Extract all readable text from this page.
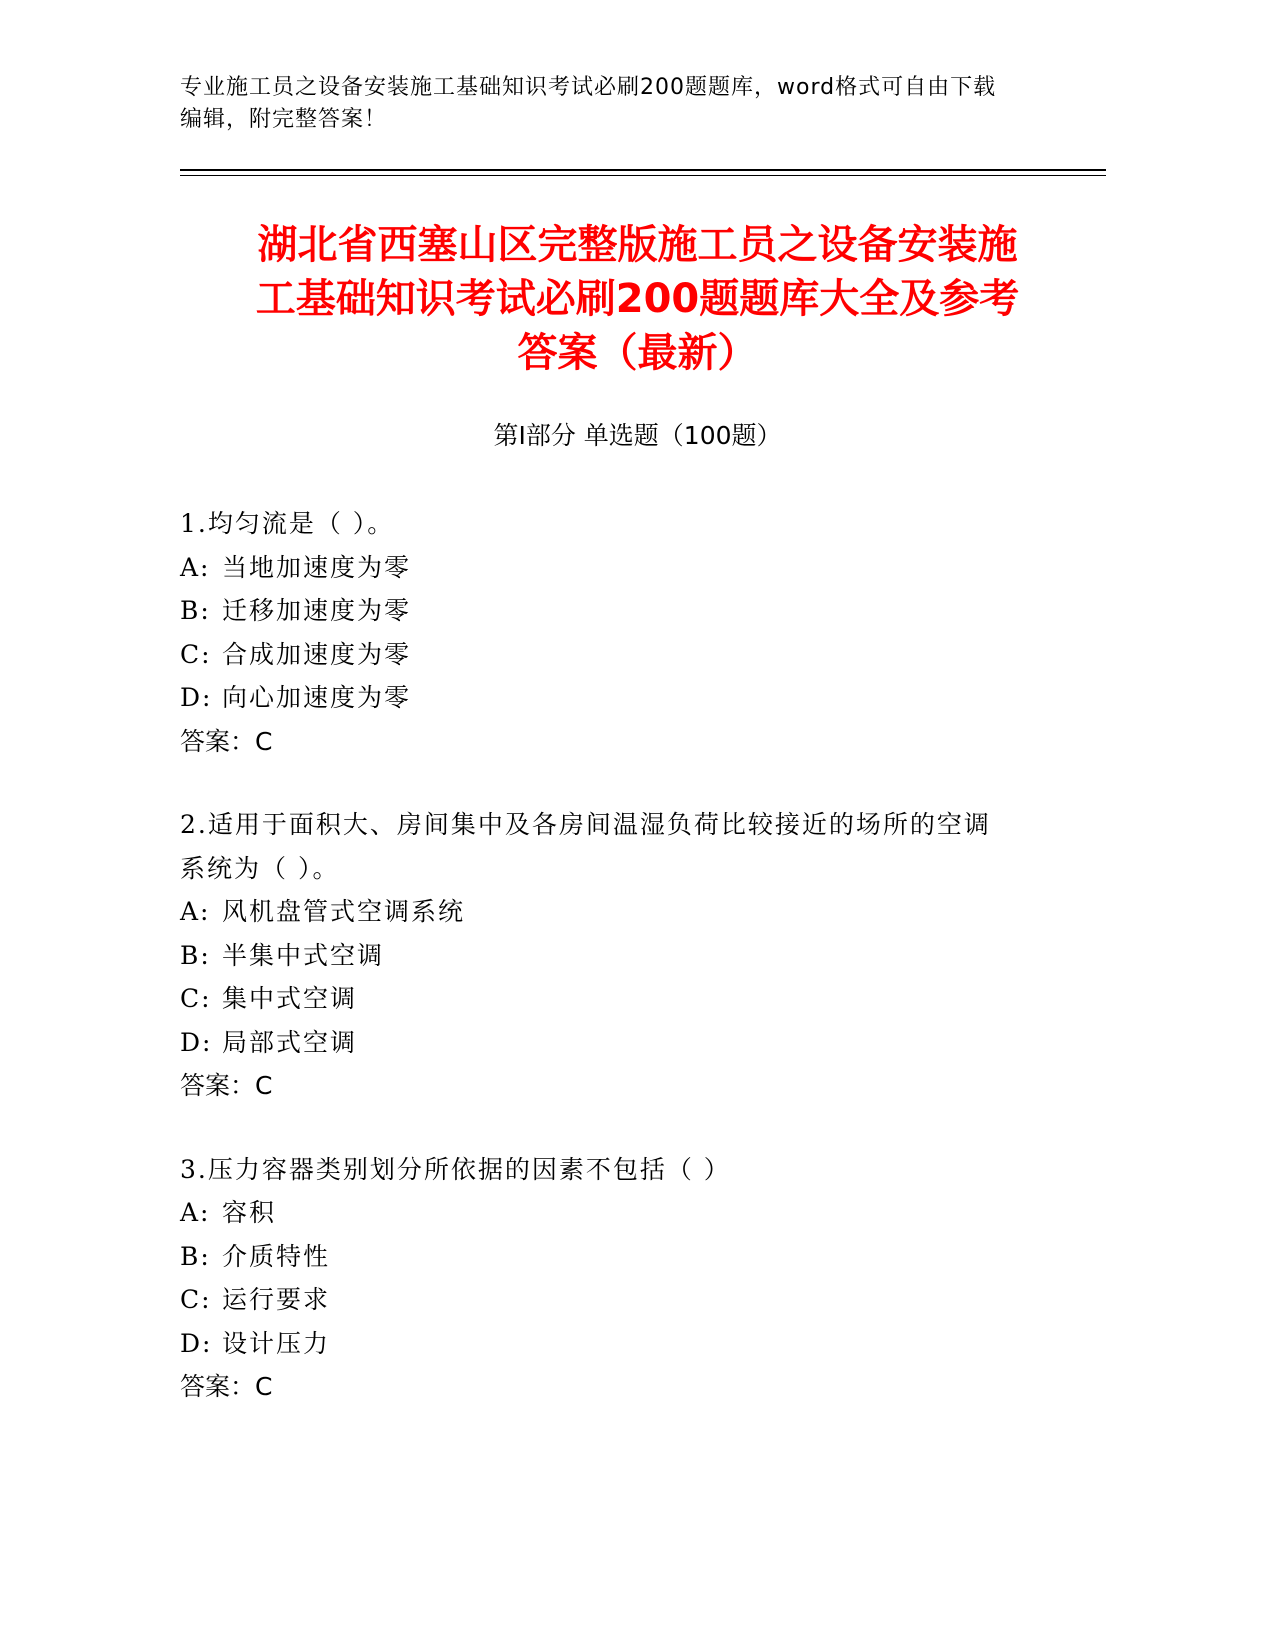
专业施工员之设备安装施工基础知识考试必刷200题题库，word格式可自由下载
编辑，附完整答案！
湖北省西塞山区完整版施工员之设备安装施
工基础知识考试必刷200题题库大全及参考
答案（最新）
第Ⅰ部分 单选题（100题）

1.均匀流是（ ）。

A: 当地加速度为零

B: 迁移加速度为零

C: 合成加速度为零

D: 向心加速度为零

答案：C

2.适用于面积大、房间集中及各房间温湿负荷比较接近的场所的空调

系统为（ ）。

A: 风机盘管式空调系统

B: 半集中式空调

C: 集中式空调

D: 局部式空调

答案：C

3.压力容器类别划分所依据的因素不包括（ ）

A: 容积

B: 介质特性

C: 运行要求

D: 设计压力

答案：C
